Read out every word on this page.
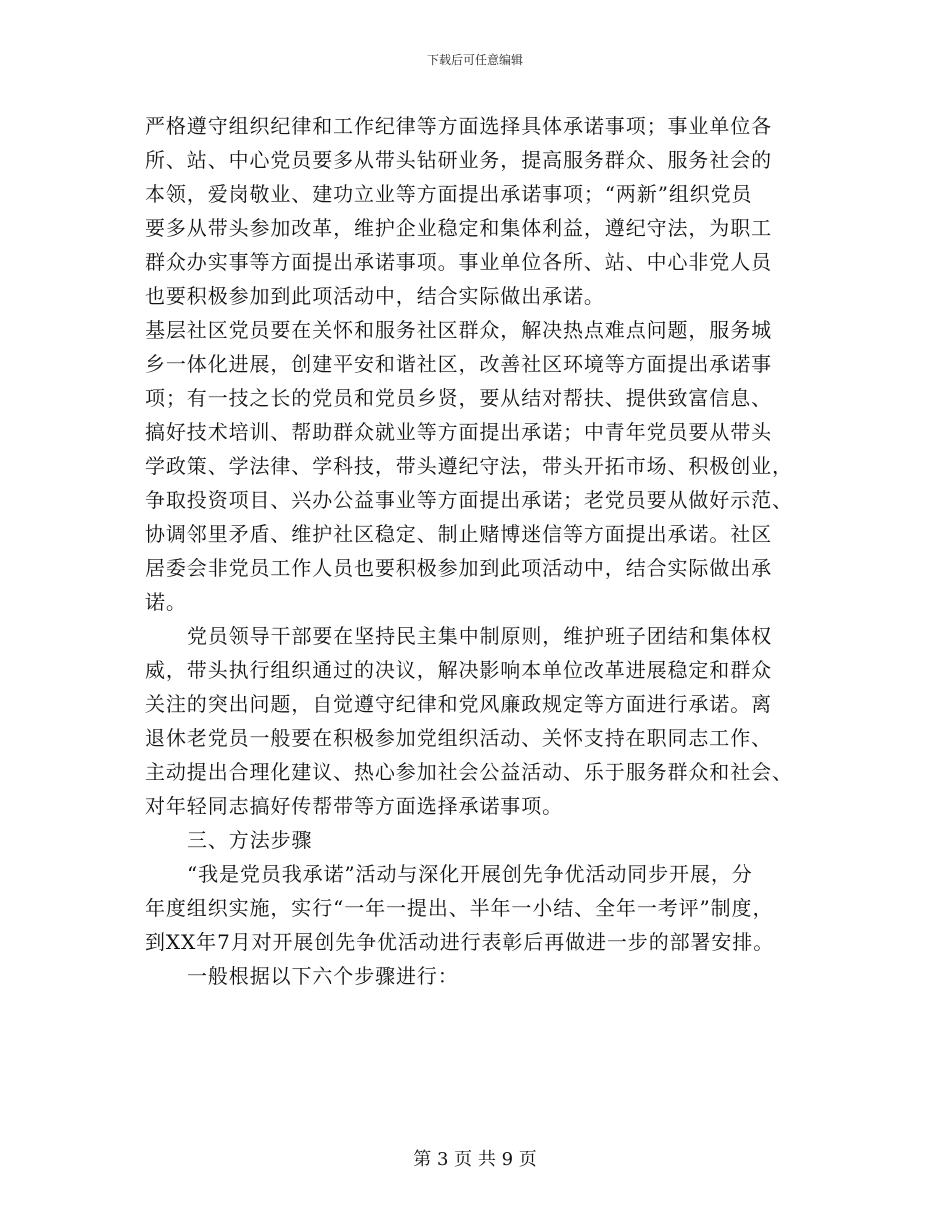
下载后可任意编辑
严格遵守组织纪律和工作纪律等方面选择具体承诺事项；事业单位各
所、站、中心党员要多从带头钻研业务，提高服务群众、服务社会的
本领，爱岗敬业、建功立业等方面提出承诺事项；“两新”组织党员
要多从带头参加改革，维护企业稳定和集体利益，遵纪守法，为职工
群众办实事等方面提出承诺事项。事业单位各所、站、中心非党人员
也要积极参加到此项活动中，结合实际做出承诺。
基层社区党员要在关怀和服务社区群众，解决热点难点问题，服务城
乡一体化进展，创建平安和谐社区，改善社区环境等方面提出承诺事
项；有一技之长的党员和党员乡贤，要从结对帮扶、提供致富信息、
搞好技术培训、帮助群众就业等方面提出承诺；中青年党员要从带头
学政策、学法律、学科技，带头遵纪守法，带头开拓市场、积极创业，
争取投资项目、兴办公益事业等方面提出承诺；老党员要从做好示范、
协调邻里矛盾、维护社区稳定、制止赌博迷信等方面提出承诺。社区
居委会非党员工作人员也要积极参加到此项活动中，结合实际做出承
诺。
党员领导干部要在坚持民主集中制原则，维护班子团结和集体权
威，带头执行组织通过的决议，解决影响本单位改革进展稳定和群众
关注的突出问题，自觉遵守纪律和党风廉政规定等方面进行承诺。离
退休老党员一般要在积极参加党组织活动、关怀支持在职同志工作、
主动提出合理化建议、热心参加社会公益活动、乐于服务群众和社会、
对年轻同志搞好传帮带等方面选择承诺事项。
三、方法步骤
“我是党员我承诺”活动与深化开展创先争优活动同步开展，分
年度组织实施，实行“一年一提出、半年一小结、全年一考评”制度，
到XX年7月对开展创先争优活动进行表彰后再做进一步的部署安排。
一般根据以下六个步骤进行：
第 3 页 共 9 页
